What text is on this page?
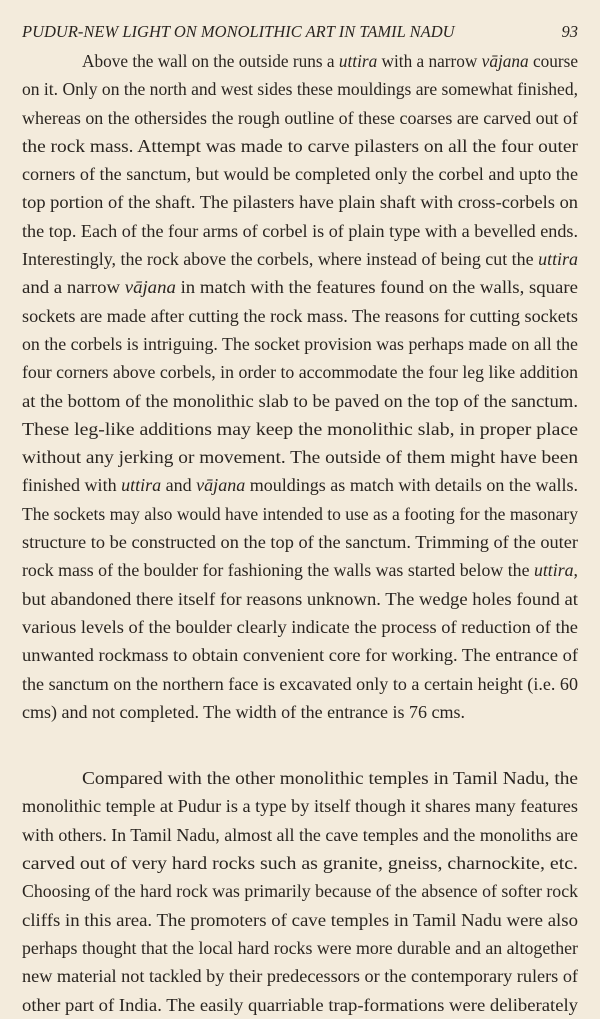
PUDUR-NEW LIGHT ON MONOLITHIC ART IN TAMIL NADU	93
Above the wall on the outside runs a uttira with a narrow vājana course
on it. Only on the north and west sides these mouldings are somewhat finished,
whereas on the othersides the rough outline of these coarses are carved out of
the rock mass. Attempt was made to carve pilasters on all the four outer
corners of the sanctum, but would be completed only the corbel and upto the
top portion of the shaft. The pilasters have plain shaft with cross-corbels on
the top. Each of the four arms of corbel is of plain type with a bevelled ends.
Interestingly, the rock above the corbels, where instead of being cut the uttira
and a narrow vājana in match with the features found on the walls, square
sockets are made after cutting the rock mass. The reasons for cutting sockets
on the corbels is intriguing. The socket provision was perhaps made on all the
four corners above corbels, in order to accommodate the four leg like addition
at the bottom of the monolithic slab to be paved on the top of the sanctum.
These leg-like additions may keep the monolithic slab, in proper place
without any jerking or movement. The outside of them might have been
finished with uttira and vājana mouldings as match with details on the walls.
The sockets may also would have intended to use as a footing for the masonary
structure to be constructed on the top of the sanctum. Trimming of the outer
rock mass of the boulder for fashioning the walls was started below the uttira,
but abandoned there itself for reasons unknown. The wedge holes found at
various levels of the boulder clearly indicate the process of reduction of the
unwanted rockmass to obtain convenient core for working. The entrance of
the sanctum on the northern face is excavated only to a certain height (i.e. 60
cms) and not completed. The width of the entrance is 76 cms.
Compared with the other monolithic temples in Tamil Nadu, the
monolithic temple at Pudur is a type by itself though it shares many features
with others. In Tamil Nadu, almost all the cave temples and the monoliths are
carved out of very hard rocks such as granite, gneiss, charnockite, etc.
Choosing of the hard rock was primarily because of the absence of softer rock
cliffs in this area. The promoters of cave temples in Tamil Nadu were also
perhaps thought that the local hard rocks were more durable and an altogether
new material not tackled by their predecessors or the contemporary rulers of
other part of India. The easily quarriable trap-formations were deliberately
